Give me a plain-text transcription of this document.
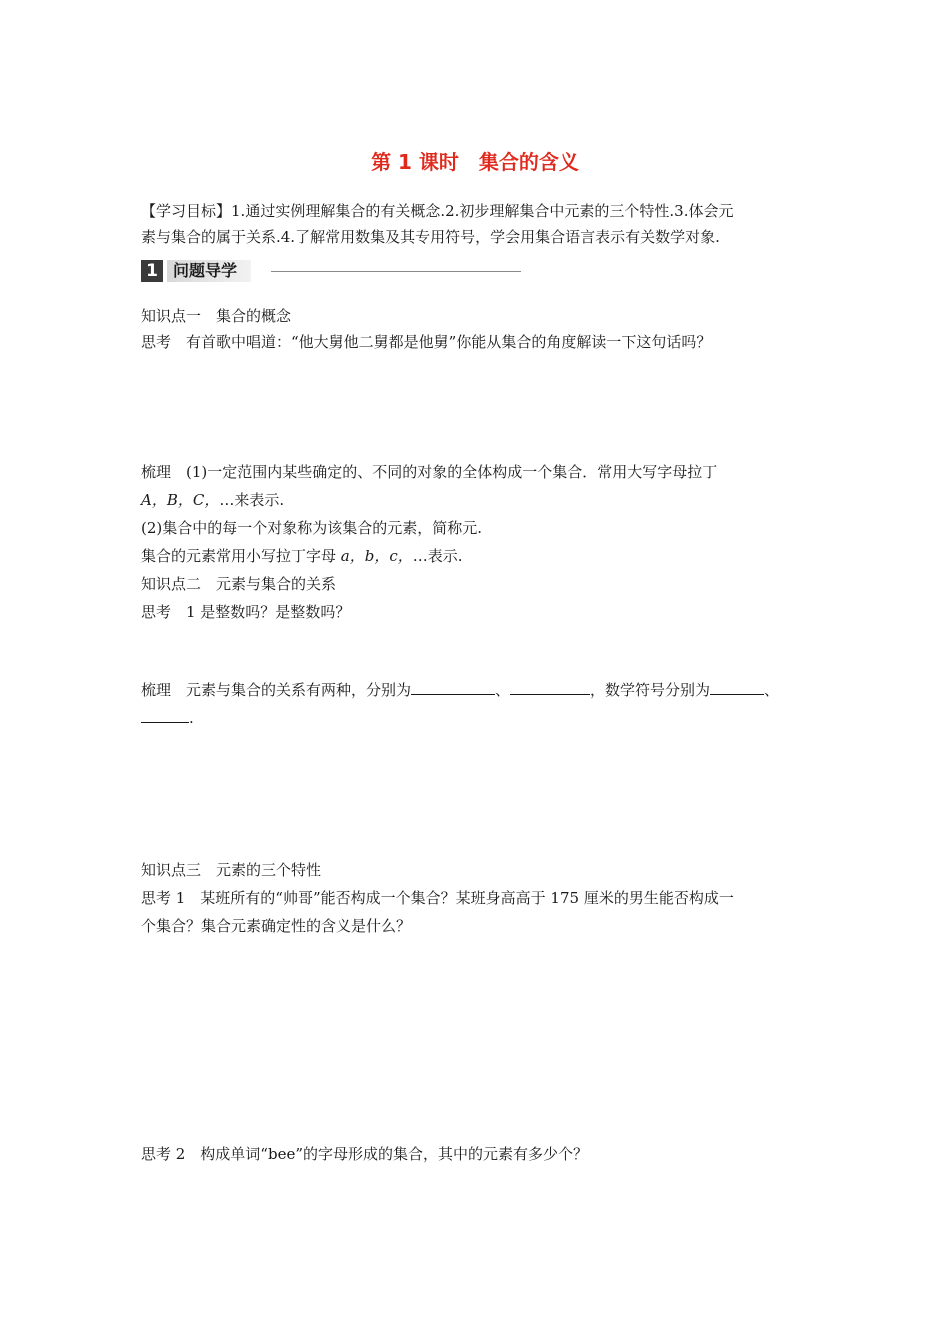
第 1 课时　集合的含义
【学习目标】1.通过实例理解集合的有关概念.2.初步理解集合中元素的三个特性.3.体会元
素与集合的属于关系.4.了解常用数集及其专用符号，学会用集合语言表示有关数学对象.
1 问题导学
知识点一　集合的概念
思考　有首歌中唱道：“他大舅他二舅都是他舅”你能从集合的角度解读一下这句话吗？
梳理　(1)一定范围内某些确定的、不同的对象的全体构成一个集合．常用大写字母拉丁
A，B，C，…来表示.
(2)集合中的每一个对象称为该集合的元素，简称元.
集合的元素常用小写拉丁字母 a，b，c，…表示.
知识点二　元素与集合的关系
思考　1 是整数吗？是整数吗？
梳理　元素与集合的关系有两种，分别为	、	，数学符号分别为	、
.
知识点三　元素的三个特性
思考 1　某班所有的“帅哥”能否构成一个集合？某班身高高于 175 厘米的男生能否构成一
个集合？集合元素确定性的含义是什么？
思考 2　构成单词“bee”的字母形成的集合，其中的元素有多少个？
